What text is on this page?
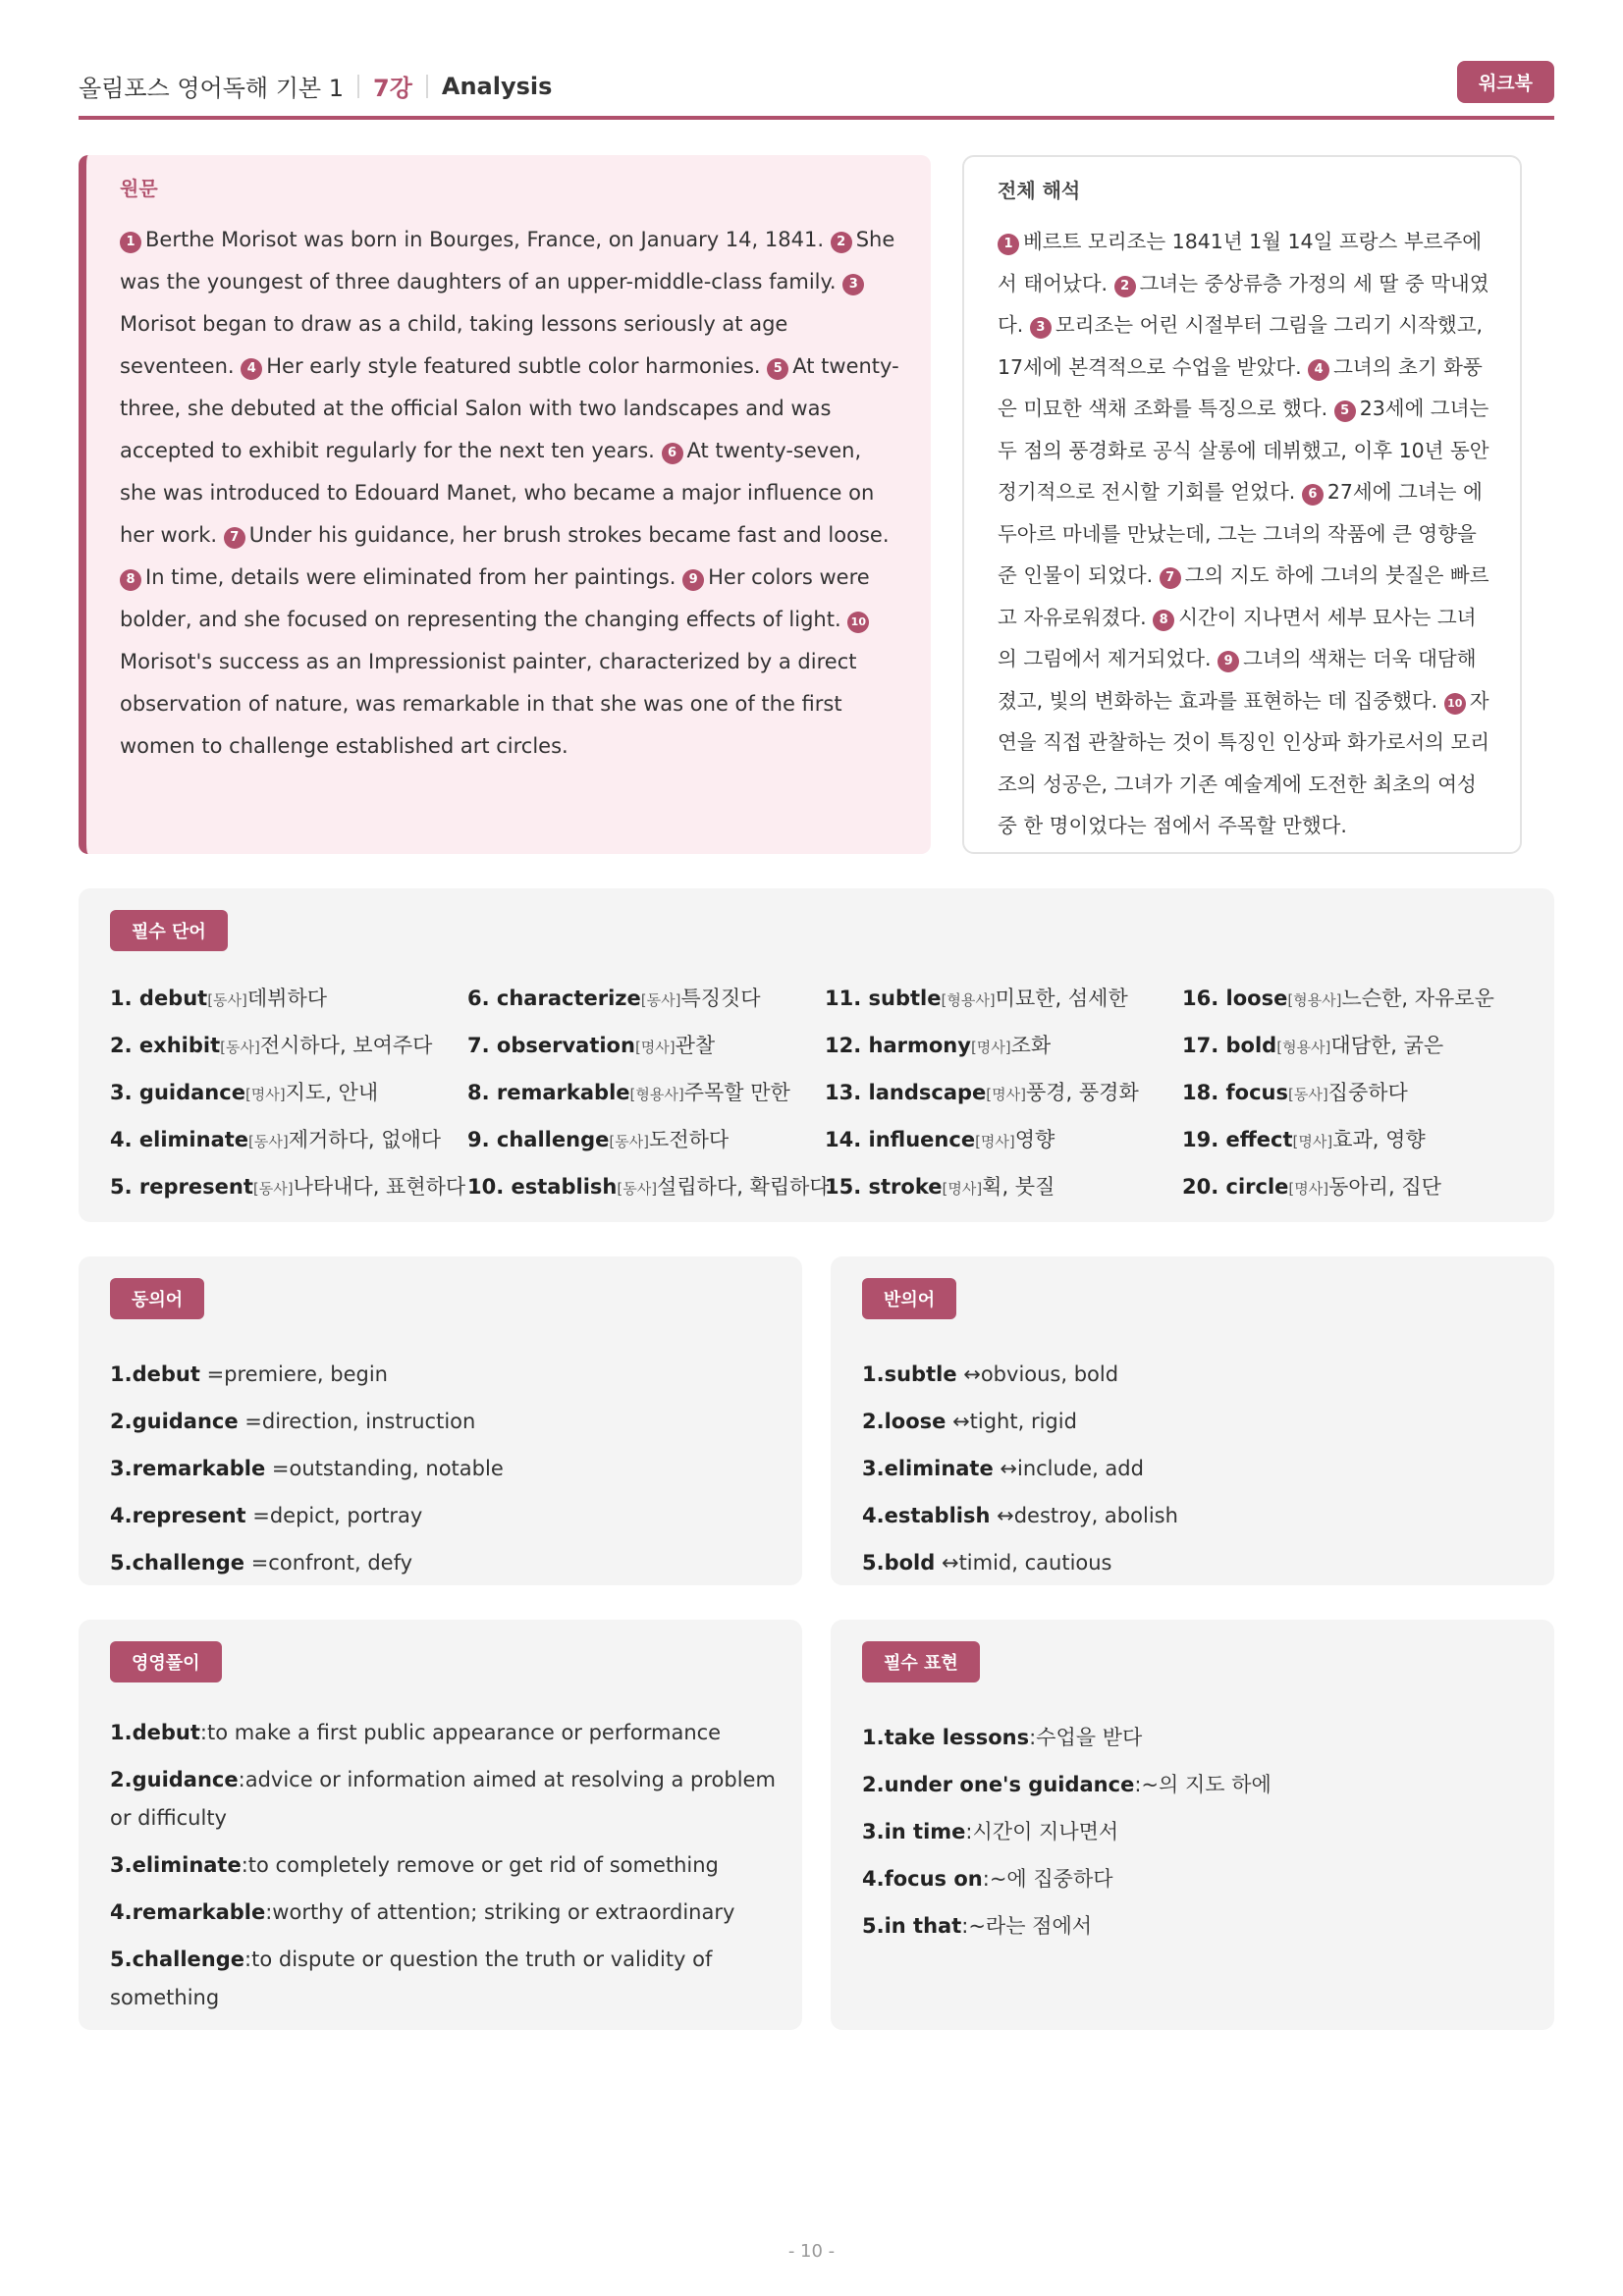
올림포스 영어독해 기본 1 7강 Analysis	워크북
원문
1 Berthe Morisot was born in Bourges, France, on January 14, 1841. 2 She was the youngest of three daughters of an upper-middle-class family. 3Morisot began to draw as a child, taking lessons seriously at age seventeen. 4 Her early style featured subtle color harmonies. 5 At twenty-three, she debuted at the official Salon with two landscapes and was accepted to exhibit regularly for the next ten years. 6 At twenty-seven, she was introduced to Edouard Manet, who became a major influence on her work. 7 Under his guidance, her brush strokes became fast and loose. 8 In time, details were eliminated from her paintings. 9 Her colors were bolder, and she focused on representing the changing effects of light. 10Morisot's success as an Impressionist painter, characterized by a direct observation of nature, was remarkable in that she was one of the first women to challenge established art circles.
전체 해석
1 베르트 모리조는 1841년 1월 14일 프랑스 부르주에서 태어났다. 2 그녀는 중상류층 가정의 세 딸 중 막내였다. 3 모리조는 어린 시절부터 그림을 그리기 시작했고, 17세에 본격적으로 수업을 받았다. 4 그녀의 초기 화풍은 미묘한 색채 조화를 특징으로 했다. 5 23세에 그녀는 두 점의 풍경화로 공식 살롱에 데뷔했고, 이후 10년 동안 정기적으로 전시할 기회를 얻었다. 6 27세에 그녀는 에두아르 마네를 만났는데, 그는 그녀의 작품에 큰 영향을 준 인물이 되었다. 7 그의 지도 하에 그녀의 붓질은 빠르고 자유로워졌다. 8 시간이 지나면서 세부 묘사는 그녀의 그림에서 제거되었다. 9 그녀의 색채는 더욱 대담해졌고, 빛의 변화하는 효과를 표현하는 데 집중했다. 10 자연을 직접 관찰하는 것이 특징인 인상파 화가로서의 모리조의 성공은, 그녀가 기존 예술계에 도전한 최초의 여성 중 한 명이었다는 점에서 주목할 만했다.
필수 단어
1. debut[동사]데뷔하다
2. exhibit[동사]전시하다, 보여주다
3. guidance[명사]지도, 안내
4. eliminate[동사]제거하다, 없애다
5. represent[동사]나타내다, 표현하다
6. characterize[동사]특징짓다
7. observation[명사]관찰
8. remarkable[형용사]주목할 만한
9. challenge[동사]도전하다
10. establish[동사]설립하다, 확립하다
11. subtle[형용사]미묘한, 섬세한
12. harmony[명사]조화
13. landscape[명사]풍경, 풍경화
14. influence[명사]영향
15. stroke[명사]획, 붓질
16. loose[형용사]느슨한, 자유로운
17. bold[형용사]대담한, 굵은
18. focus[동사]집중하다
19. effect[명사]효과, 영향
20. circle[명사]동아리, 집단
동의어
1.debut =premiere, begin
2.guidance =direction, instruction
3.remarkable =outstanding, notable
4.represent =depict, portray
5.challenge =confront, defy
반의어
1.subtle ↔obvious, bold
2.loose ↔tight, rigid
3.eliminate ↔include, add
4.establish ↔destroy, abolish
5.bold ↔timid, cautious
영영풀이
1.debut:to make a first public appearance or performance
2.guidance:advice or information aimed at resolving a problem or difficulty
3.eliminate:to completely remove or get rid of something
4.remarkable:worthy of attention; striking or extraordinary
5.challenge:to dispute or question the truth or validity of something
필수 표현
1.take lessons:수업을 받다
2.under one's guidance:~의 지도 하에
3.in time:시간이 지나면서
4.focus on:~에 집중하다
5.in that:~라는 점에서
- 10 -
